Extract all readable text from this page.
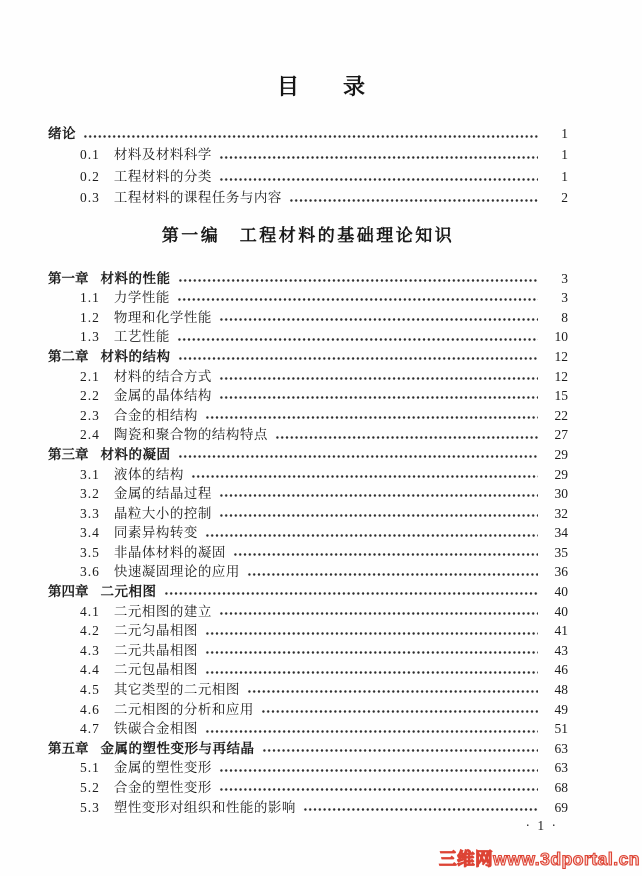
目　　录
绪论	1
0.1 材料及材料科学	1
0.2 工程材料的分类	1
0.3 工程材料的课程任务与内容	2
第一编　工程材料的基础理论知识
第一章 材料的性能	3
1.1 力学性能	3
1.2 物理和化学性能	8
1.3 工艺性能	10
第二章 材料的结构	12
2.1 材料的结合方式	12
2.2 金属的晶体结构	15
2.3 合金的相结构	22
2.4 陶瓷和聚合物的结构特点	27
第三章 材料的凝固	29
3.1 液体的结构	29
3.2 金属的结晶过程	30
3.3 晶粒大小的控制	32
3.4 同素异构转变	34
3.5 非晶体材料的凝固	35
3.6 快速凝固理论的应用	36
第四章 二元相图	40
4.1 二元相图的建立	40
4.2 二元匀晶相图	41
4.3 二元共晶相图	43
4.4 二元包晶相图	46
4.5 其它类型的二元相图	48
4.6 二元相图的分析和应用	49
4.7 铁碳合金相图	51
第五章 金属的塑性变形与再结晶	63
5.1 金属的塑性变形	63
5.2 合金的塑性变形	68
5.3 塑性变形对组织和性能的影响	69
· 1 ·
三维网www.3dportal.cn
